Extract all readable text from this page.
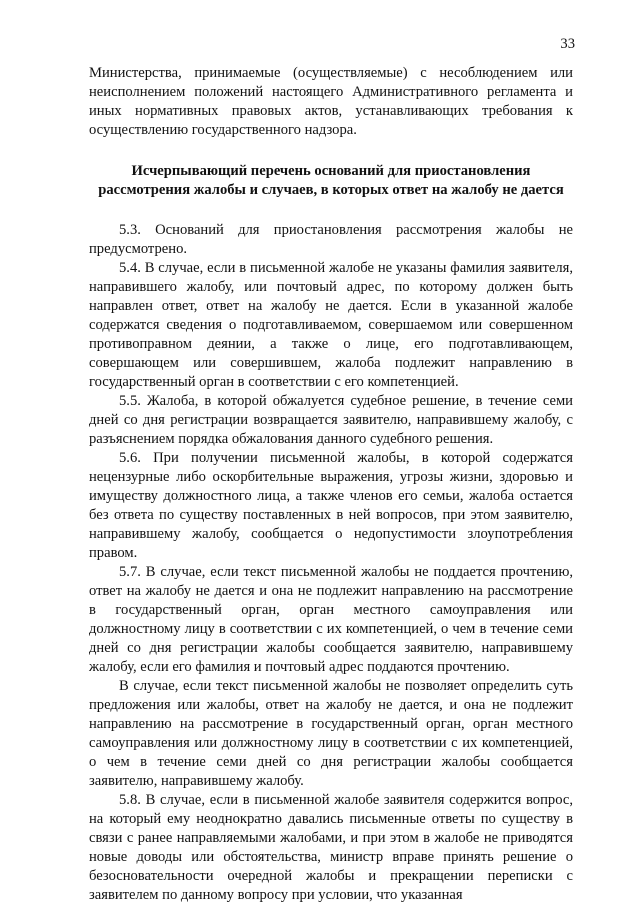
33

Министерства, принимаемые (осуществляемые) с несоблюдением или неисполнением положений настоящего Административного регламента и иных нормативных правовых актов, устанавливающих требования к осуществлению государственного надзора.

Исчерпывающий перечень оснований для приостановления
рассмотрения жалобы и случаев, в которых ответ на жалобу не дается

5.3. Оснований для приостановления рассмотрения жалобы не предусмотрено.

5.4. В случае, если в письменной жалобе не указаны фамилия заявителя, направившего жалобу, или почтовый адрес, по которому должен быть направлен ответ, ответ на жалобу не дается. Если в указанной жалобе содержатся сведения о подготавливаемом, совершаемом или совершенном противоправном деянии, а также о лице, его подготавливающем, совершающем или совершившем, жалоба подлежит направлению в государственный орган в соответствии с его компетенцией.

5.5. Жалоба, в которой обжалуется судебное решение, в течение семи дней со дня регистрации возвращается заявителю, направившему жалобу, с разъяснением порядка обжалования данного судебного решения.

5.6. При получении письменной жалобы, в которой содержатся нецензурные либо оскорбительные выражения, угрозы жизни, здоровью и имуществу должностного лица, а также членов его семьи, жалоба остается без ответа по существу поставленных в ней вопросов, при этом заявителю, направившему жалобу, сообщается о недопустимости злоупотребления правом.

5.7. В случае, если текст письменной жалобы не поддается прочтению, ответ на жалобу не дается и она не подлежит направлению на рассмотрение в государственный орган, орган местного самоуправления или должностному лицу в соответствии с их компетенцией, о чем в течение семи дней со дня регистрации жалобы сообщается заявителю, направившему жалобу, если его фамилия и почтовый адрес поддаются прочтению.

В случае, если текст письменной жалобы не позволяет определить суть предложения или жалобы, ответ на жалобу не дается, и она не подлежит направлению на рассмотрение в государственный орган, орган местного самоуправления или должностному лицу в соответствии с их компетенцией, о чем в течение семи дней со дня регистрации жалобы сообщается заявителю, направившему жалобу.

5.8. В случае, если в письменной жалобе заявителя содержится вопрос, на который ему неоднократно давались письменные ответы по существу в связи с ранее направляемыми жалобами, и при этом в жалобе не приводятся новые доводы или обстоятельства, министр вправе принять решение о безосновательности очередной жалобы и прекращении переписки с заявителем по данному вопросу при условии, что указанная
